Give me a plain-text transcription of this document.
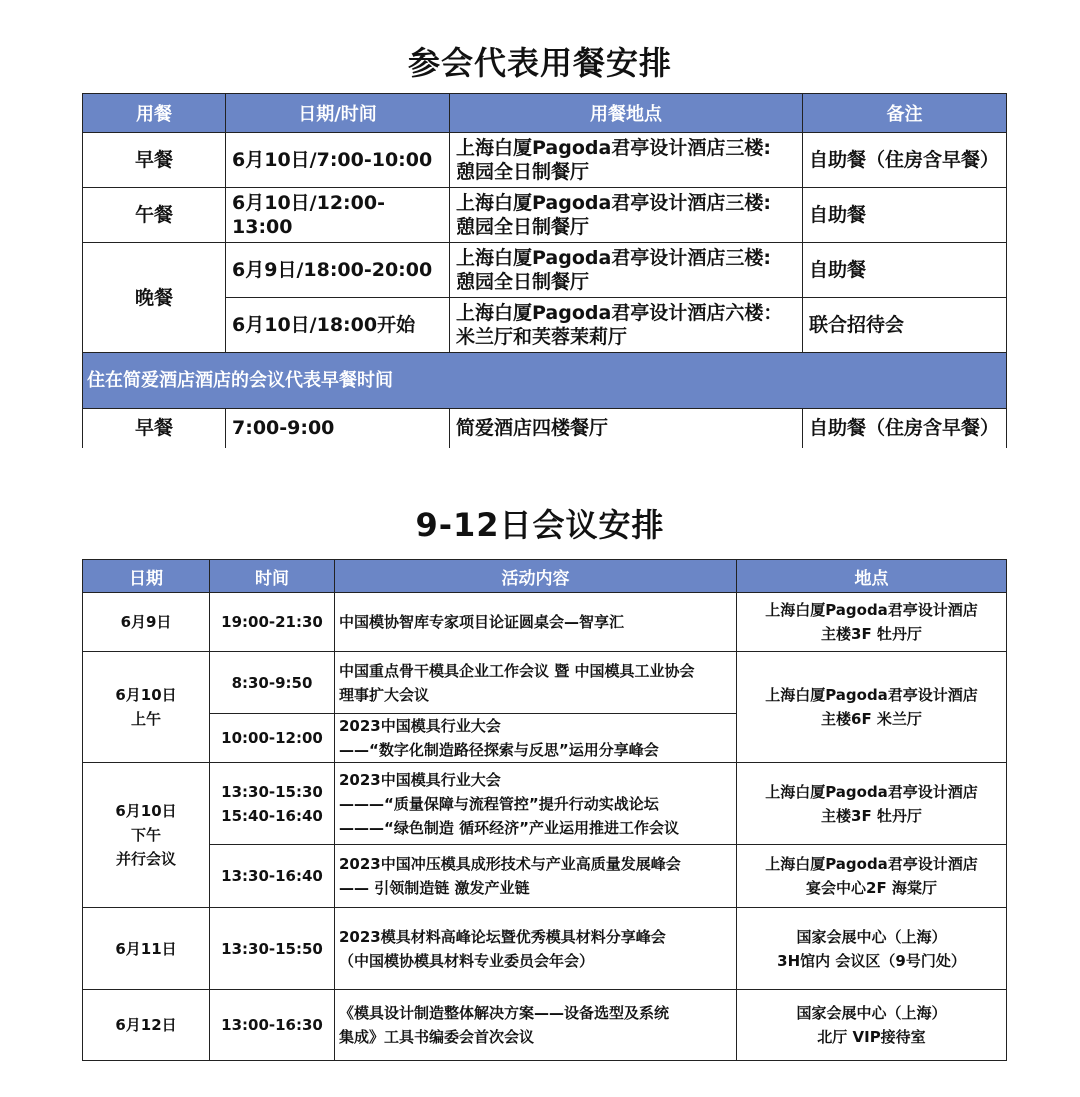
参会代表用餐安排
用餐	日期/时间	用餐地点	备注
早餐	6月10日/7:00-10:00	上海白厦Pagoda君亭设计酒店三楼:
憩园全日制餐厅	自助餐（住房含早餐）
午餐	6月10日/12:00-13:00	上海白厦Pagoda君亭设计酒店三楼:
憩园全日制餐厅	自助餐
晚餐	6月9日/18:00-20:00	上海白厦Pagoda君亭设计酒店三楼:
憩园全日制餐厅	自助餐
	6月10日/18:00开始	上海白厦Pagoda君亭设计酒店六楼：
米兰厅和芙蓉茉莉厅	联合招待会
住在简爱酒店酒店的会议代表早餐时间			
早餐	7:00-9:00	简爱酒店四楼餐厅	自助餐（住房含早餐）
9-12日会议安排
日期	时间	活动内容	地点

6月9日	19:00-21:30	中国模协智库专家项目论证圆桌会—智享汇	上海白厦Pagoda君亭设计酒店
主楼3F 牡丹厅

6月10日
上午	8:30-9:50	中国重点骨干模具企业工作会议 暨 中国模具工业协会
理事扩大会议	上海白厦Pagoda君亭设计酒店
主楼6F 米兰厅

	10:00-12:00	2023中国模具行业大会
——“数字化制造路径探索与反思”运用分享峰会	

6月10日
下午
并行会议	13:30-15:30
15:40-16:40	2023中国模具行业大会
———“质量保障与流程管控”提升行动实战论坛
———“绿色制造 循环经济”产业运用推进工作会议	上海白厦Pagoda君亭设计酒店
主楼3F 牡丹厅

	13:30-16:40	2023中国冲压模具成形技术与产业高质量发展峰会
—— 引领制造链 激发产业链	上海白厦Pagoda君亭设计酒店
宴会中心2F 海棠厅

6月11日	13:30-15:50	2023模具材料高峰论坛暨优秀模具材料分享峰会
（中国模协模具材料专业委员会年会）	国家会展中心（上海）
3H馆内 会议区（9号门处）

6月12日	13:00-16:30	《模具设计制造整体解决方案——设备选型及系统
集成》工具书编委会首次会议	国家会展中心（上海）
北厅 VIP接待室
